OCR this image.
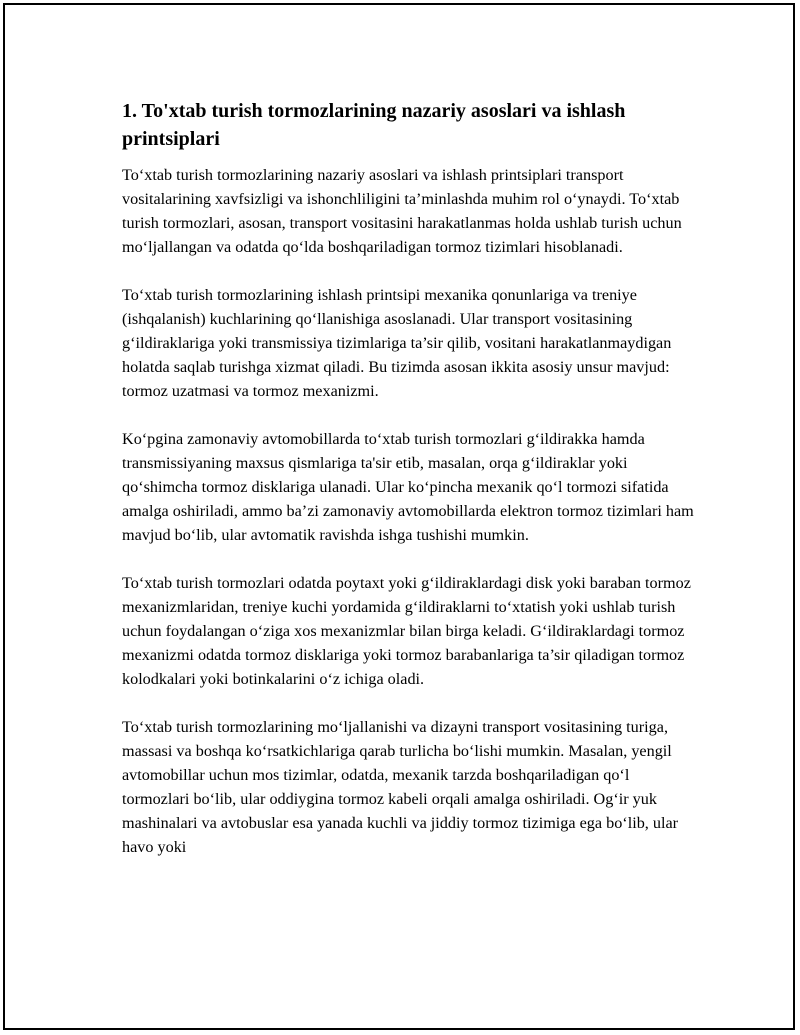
1. To'xtab turish tormozlarining nazariy asoslari va ishlash printsiplari

To‘xtab turish tormozlarining nazariy asoslari va ishlash printsiplari transport vositalarining xavfsizligi va ishonchliligini ta’minlashda muhim rol o‘ynaydi. To‘xtab turish tormozlari, asosan, transport vositasini harakatlanmas holda ushlab turish uchun mo‘ljallangan va odatda qo‘lda boshqariladigan tormoz tizimlari hisoblanadi.

To‘xtab turish tormozlarining ishlash printsipi mexanika qonunlariga va treniye (ishqalanish) kuchlarining qo‘llanishiga asoslanadi. Ular transport vositasining g‘ildiraklariga yoki transmissiya tizimlariga ta’sir qilib, vositani harakatlanmaydigan holatda saqlab turishga xizmat qiladi. Bu tizimda asosan ikkita asosiy unsur mavjud: tormoz uzatmasi va tormoz mexanizmi.

Ko‘pgina zamonaviy avtomobillarda to‘xtab turish tormozlari g‘ildirakka hamda transmissiyaning maxsus qismlariga ta'sir etib, masalan, orqa g‘ildiraklar yoki qo‘shimcha tormoz disklariga ulanadi. Ular ko‘pincha mexanik qo‘l tormozi sifatida amalga oshiriladi, ammo ba’zi zamonaviy avtomobillarda elektron tormoz tizimlari ham mavjud bo‘lib, ular avtomatik ravishda ishga tushishi mumkin.

To‘xtab turish tormozlari odatda poytaxt yoki g‘ildiraklardagi disk yoki baraban tormoz mexanizmlaridan, treniye kuchi yordamida g‘ildiraklarni to‘xtatish yoki ushlab turish uchun foydalangan o‘ziga xos mexanizmlar bilan birga keladi. G‘ildiraklardagi tormoz mexanizmi odatda tormoz disklariga yoki tormoz barabanlariga ta’sir qiladigan tormoz kolodkalari yoki botinkalarini o‘z ichiga oladi.

To‘xtab turish tormozlarining mo‘ljallanishi va dizayni transport vositasining turiga, massasi va boshqa ko‘rsatkichlariga qarab turlicha bo‘lishi mumkin. Masalan, yengil avtomobillar uchun mos tizimlar, odatda, mexanik tarzda boshqariladigan qo‘l tormozlari bo‘lib, ular oddiygina tormoz kabeli orqali amalga oshiriladi. Og‘ir yuk mashinalari va avtobuslar esa yanada kuchli va jiddiy tormoz tizimiga ega bo‘lib, ular havo yoki
